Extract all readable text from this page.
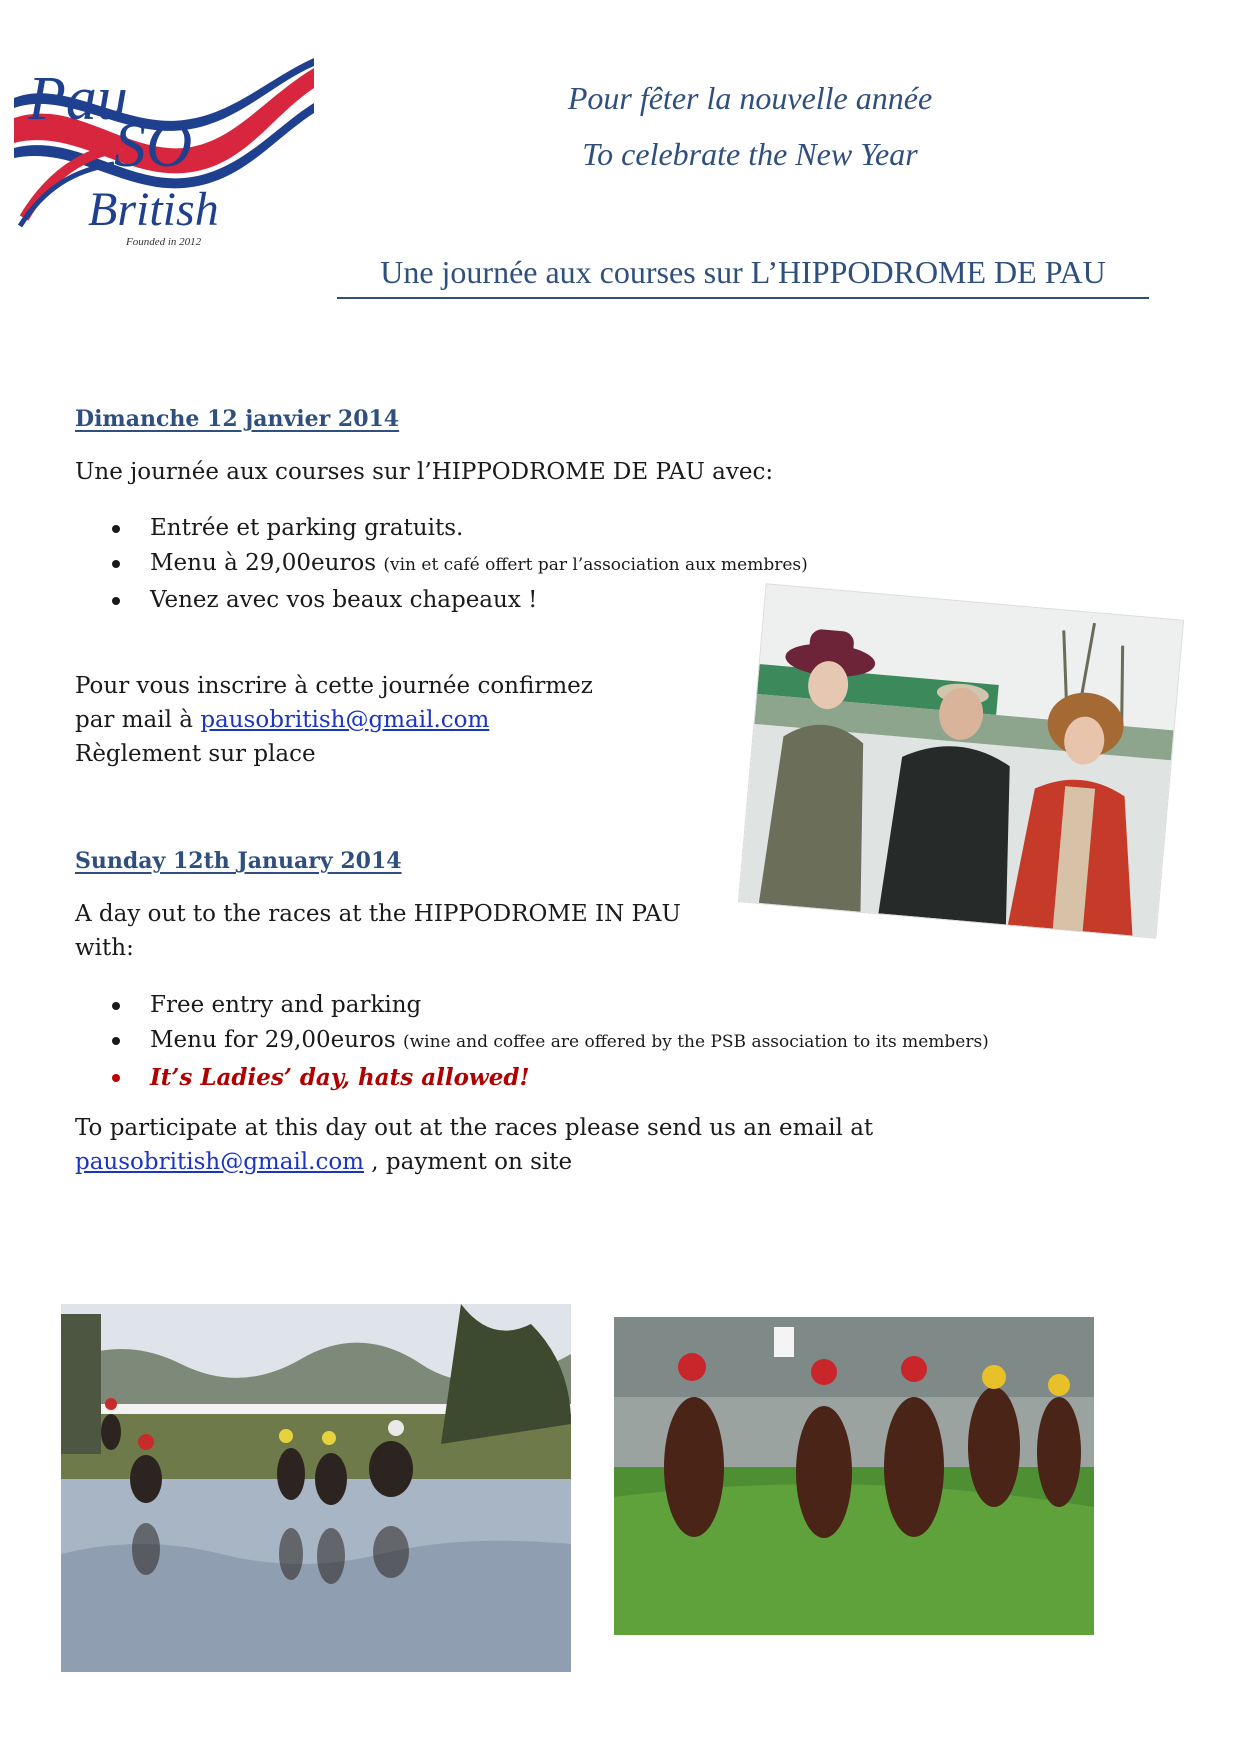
Pau
SO
British
Founded in 2012
Pour fêter la nouvelle année
To celebrate the New Year
Une journée aux courses sur L’HIPPODROME DE PAU
Dimanche 12 janvier 2014
Une journée aux courses sur l’HIPPODROME DE PAU avec:
Entrée et parking gratuits.
Menu à 29,00euros (vin et café offert par l’association aux membres)
Venez avec vos beaux chapeaux !
Pour vous inscrire à cette journée confirmez
par mail à pausobritish@gmail.com
Règlement sur place
Sunday 12th January 2014
A day out to the races at the HIPPODROME IN PAU with:
Free entry and parking
Menu for 29,00euros (wine and coffee are offered by the PSB association to its members)
It’s Ladies’ day, hats allowed!
To participate at this day out at the races please send us an email at
pausobritish@gmail.com , payment on site
